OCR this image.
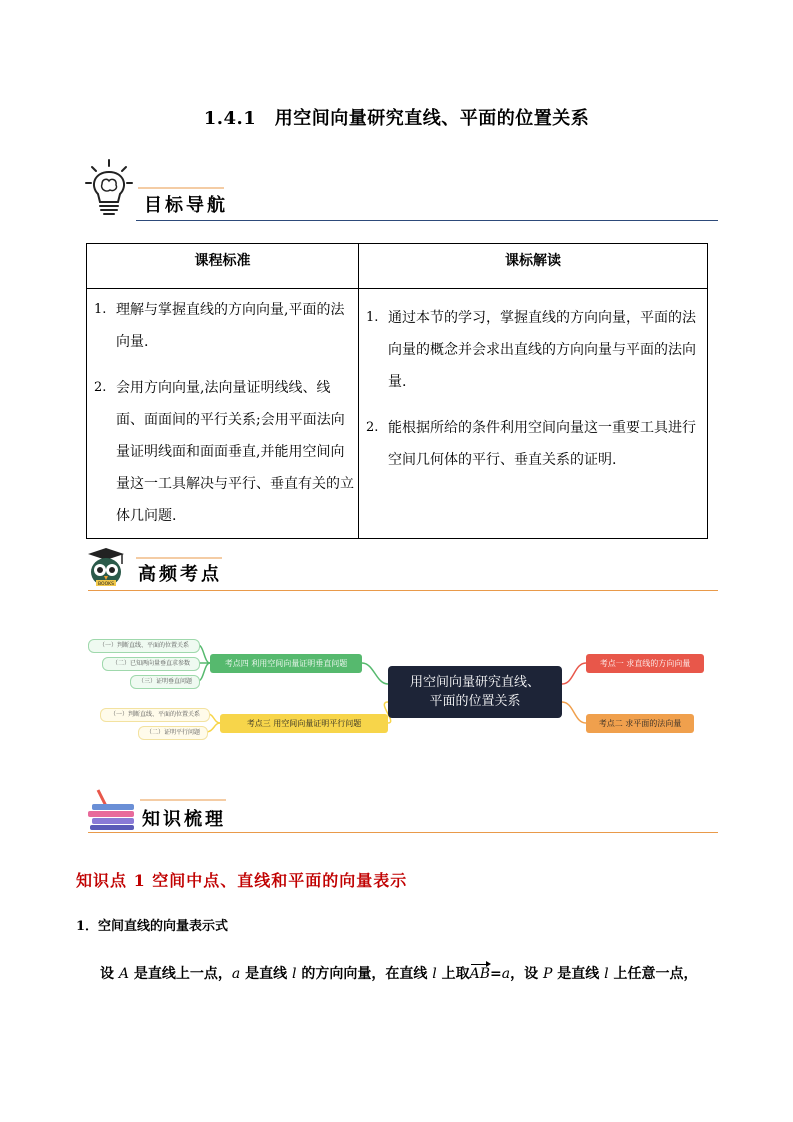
1.4.1　用空间向量研究直线、平面的位置关系
目标导航
课程标准	课标解读
1. 理解与掌握直线的方向向量,平面的法向量.
2. 会用方向向量,法向量证明线线、线面、面面间的平行关系;会用平面法向量证明线面和面面垂直,并能用空间向量这一工具解决与平行、垂直有关的立体几问题.
1. 通过本节的学习，掌握直线的方向向量，平面的法向量的概念并会求出直线的方向向量与平面的法向量.
2. 能根据所给的条件利用空间向量这一重要工具进行空间几何体的平行、垂直关系的证明.
BOOKS 高频考点
用空间向量研究直线、
平面的位置关系
考点一 求直线的方向向量
考点二 求平面的法向量
考点三 用空间向量证明平行问题
考点四 利用空间向量证明垂直问题
（一）判断直线、平面的位置关系
（二）已知两向量垂直求参数
（三）证明垂直问题
（一）判断直线、平面的位置关系
（二）证明平行问题
知识梳理
知识点 1 空间中点、直线和平面的向量表示
1．空间直线的向量表示式
设 A 是直线上一点，a 是直线 l 的方向向量，在直线 l 上取AB=a，设 P 是直线 l 上任意一点，
